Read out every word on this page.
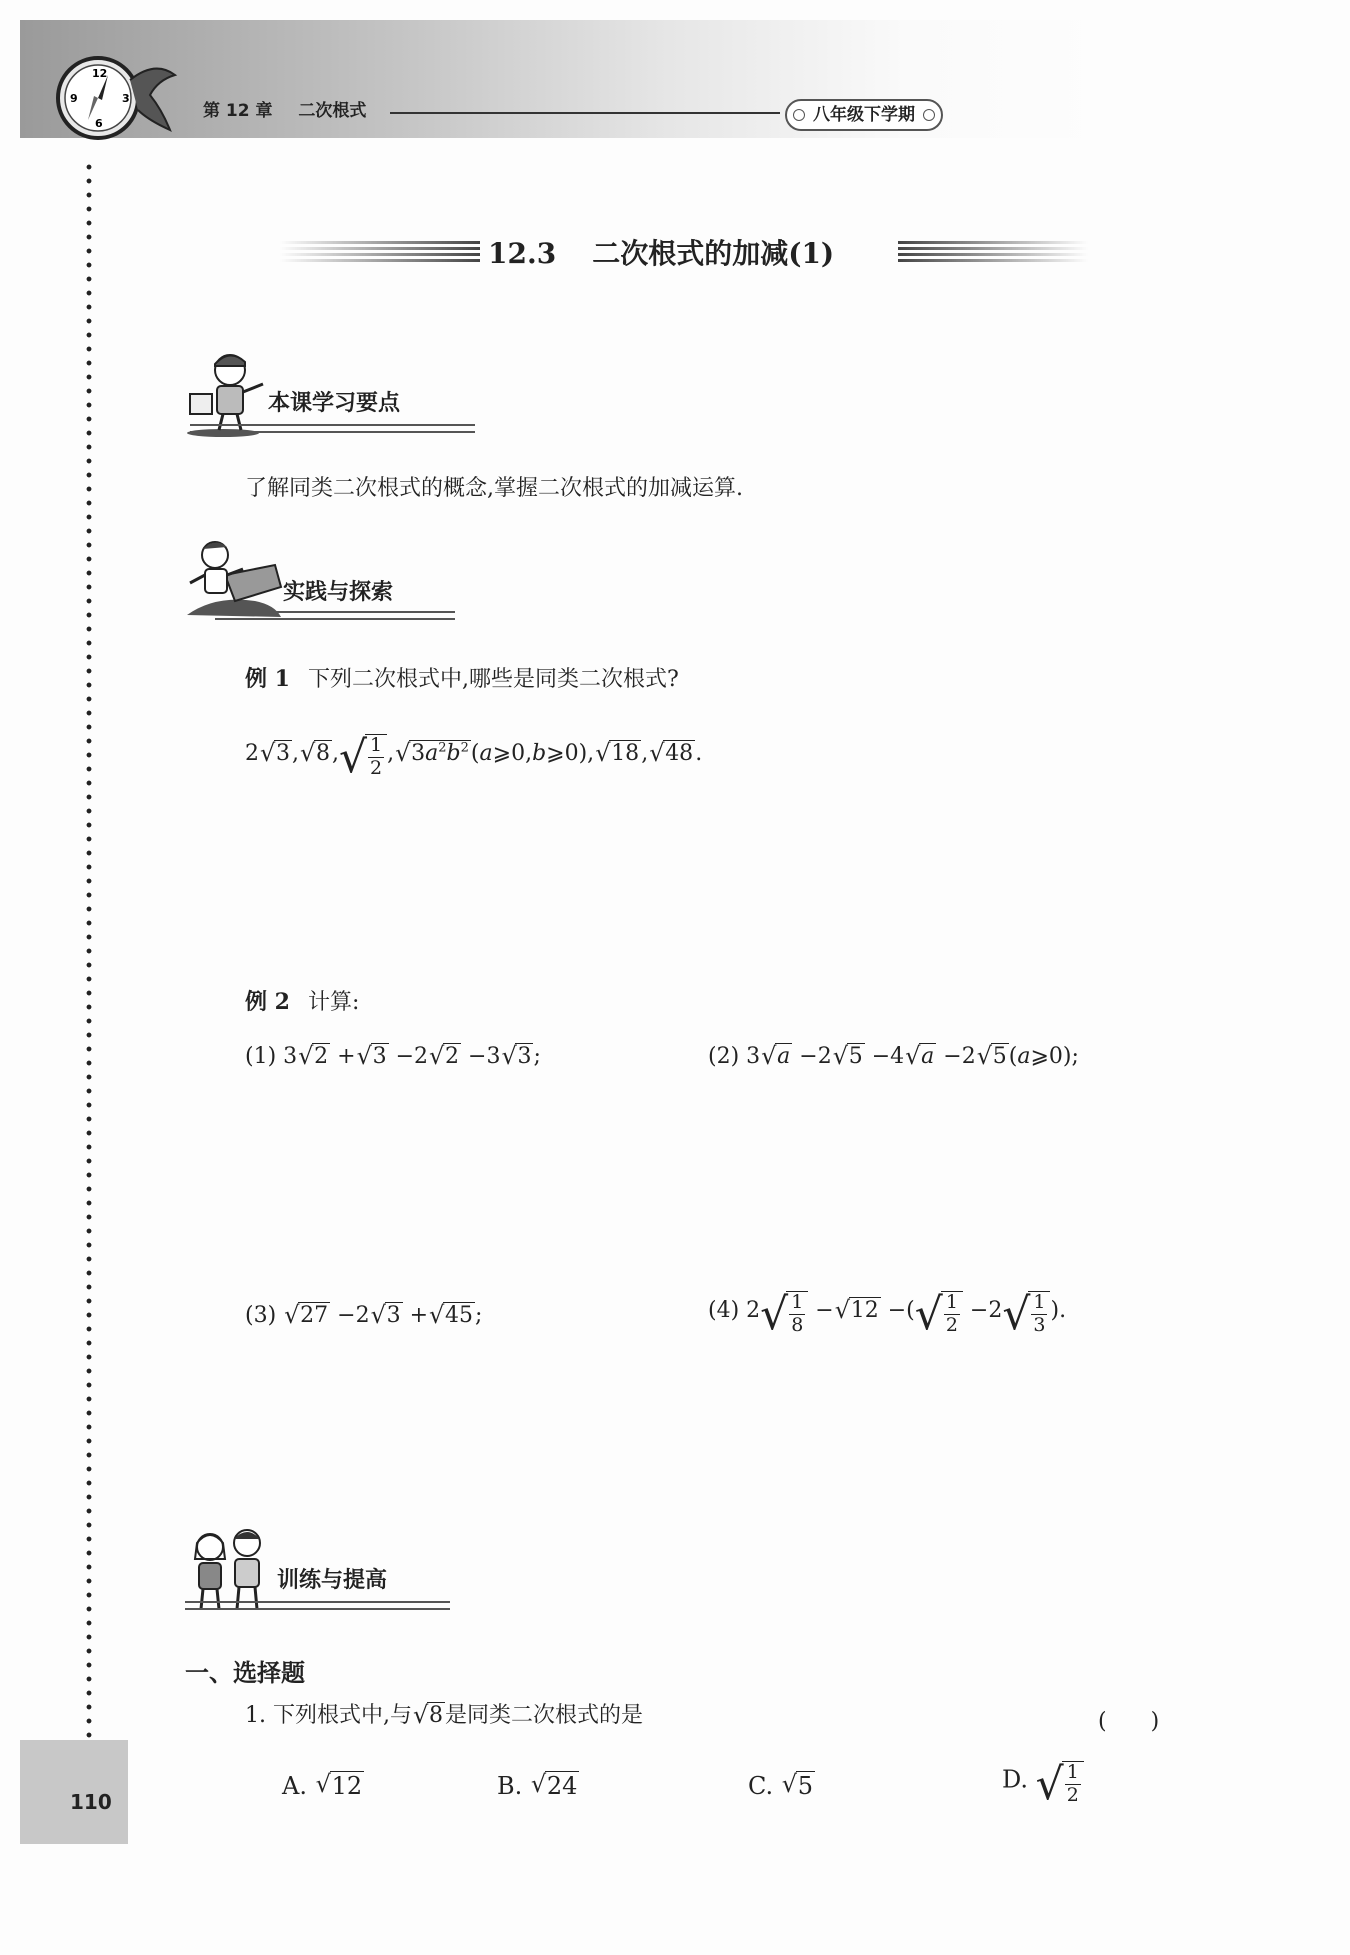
12
3
6
9
第 12 章 二次根式	八年级下学期
110
12.3 二次根式的加减(1)
本课学习要点
了解同类二次根式的概念,掌握二次根式的加减运算.
实践与探索
例 1 下列二次根式中,哪些是同类二次根式?
2√ 3,√ 8, √
$\frac{1}{2}$ ,√ $3a^2b^2(a⩾0,b⩾0),√$ 18,√ 48.
例 2 计算:
(1) 3√ 2 +√ 3 −2√ 2 −3√ 3;	(2) 3√ a −2√ 5 −4√ a −2√ 5(a⩾0);
(3) √ 27 −2√ 3 +√ 45;	(4) 2 √
$\frac{1}{8}$ −√ 12 −( √
$\frac{1}{2} -2$ √
$\frac{1}{3}$ ).
训练与提高
一、选择题
1. 下列根式中,与√ 8是同类二次根式的是	(　　)
A. √ 12	B. √ 24	C. √ 5	D. √
$\frac{1}{2}$
